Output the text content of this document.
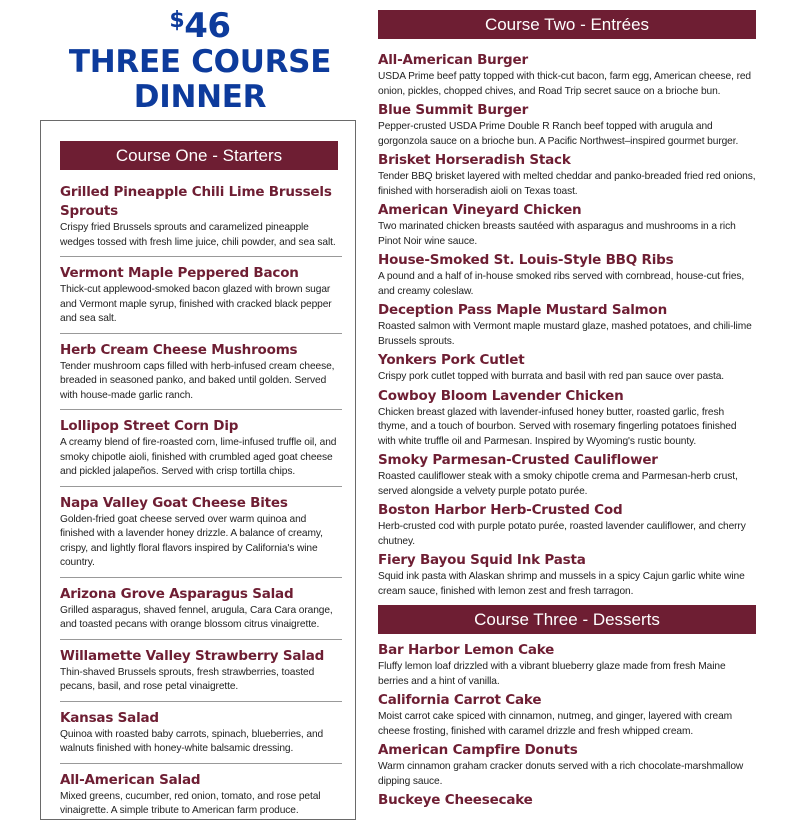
$46
THREE COURSE
DINNER
Course One - Starters
Grilled Pineapple Chili Lime Brussels Sprouts
Crispy fried Brussels sprouts and caramelized pineapple wedges tossed with fresh lime juice, chili powder, and sea salt.
Vermont Maple Peppered Bacon
Thick-cut applewood-smoked bacon glazed with brown sugar and Vermont maple syrup, finished with cracked black pepper and sea salt.
Herb Cream Cheese Mushrooms
Tender mushroom caps filled with herb-infused cream cheese, breaded in seasoned panko, and baked until golden. Served with house-made garlic ranch.
Lollipop Street Corn Dip
A creamy blend of fire-roasted corn, lime-infused truffle oil, and smoky chipotle aioli, finished with crumbled aged goat cheese and pickled jalapeños. Served with crisp tortilla chips.
Napa Valley Goat Cheese Bites
Golden-fried goat cheese served over warm quinoa and finished with a lavender honey drizzle. A balance of creamy, crispy, and lightly floral flavors inspired by California's wine country.
Arizona Grove Asparagus Salad
Grilled asparagus, shaved fennel, arugula, Cara Cara orange, and toasted pecans with orange blossom citrus vinaigrette.
Willamette Valley Strawberry Salad
Thin-shaved Brussels sprouts, fresh strawberries, toasted pecans, basil, and rose petal vinaigrette.
Kansas Salad
Quinoa with roasted baby carrots, spinach, blueberries, and walnuts finished with honey-white balsamic dressing.
All-American Salad
Mixed greens, cucumber, red onion, tomato, and rose petal vinaigrette. A simple tribute to American farm produce.
Course Two - Entrées
All-American Burger
USDA Prime beef patty topped with thick-cut bacon, farm egg, American cheese, red onion, pickles, chopped chives, and Road Trip secret sauce on a brioche bun.
Blue Summit Burger
Pepper-crusted USDA Prime Double R Ranch beef topped with arugula and gorgonzola sauce on a brioche bun. A Pacific Northwest–inspired gourmet burger.
Brisket Horseradish Stack
Tender BBQ brisket layered with melted cheddar and panko-breaded fried red onions, finished with horseradish aioli on Texas toast.
American Vineyard Chicken
Two marinated chicken breasts sautéed with asparagus and mushrooms in a rich Pinot Noir wine sauce.
House-Smoked St. Louis-Style BBQ Ribs
A pound and a half of in-house smoked ribs served with cornbread, house-cut fries, and creamy coleslaw.
Deception Pass Maple Mustard Salmon
Roasted salmon with Vermont maple mustard glaze, mashed potatoes, and chili-lime Brussels sprouts.
Yonkers Pork Cutlet
Crispy pork cutlet topped with burrata and basil with red pan sauce over pasta.
Cowboy Bloom Lavender Chicken
Chicken breast glazed with lavender-infused honey butter, roasted garlic, fresh thyme, and a touch of bourbon. Served with rosemary fingerling potatoes finished with white truffle oil and Parmesan. Inspired by Wyoming's rustic bounty.
Smoky Parmesan-Crusted Cauliflower
Roasted cauliflower steak with a smoky chipotle crema and Parmesan-herb crust, served alongside a velvety purple potato purée.
Boston Harbor Herb-Crusted Cod
Herb-crusted cod with purple potato purée, roasted lavender cauliflower, and cherry chutney.
Fiery Bayou Squid Ink Pasta
Squid ink pasta with Alaskan shrimp and mussels in a spicy Cajun garlic white wine cream sauce, finished with lemon zest and fresh tarragon.
Course Three - Desserts
Bar Harbor Lemon Cake
Fluffy lemon loaf drizzled with a vibrant blueberry glaze made from fresh Maine berries and a hint of vanilla.
California Carrot Cake
Moist carrot cake spiced with cinnamon, nutmeg, and ginger, layered with cream cheese frosting, finished with caramel drizzle and fresh whipped cream.
American Campfire Donuts
Warm cinnamon graham cracker donuts served with a rich chocolate-marshmallow dipping sauce.
Buckeye Cheesecake
